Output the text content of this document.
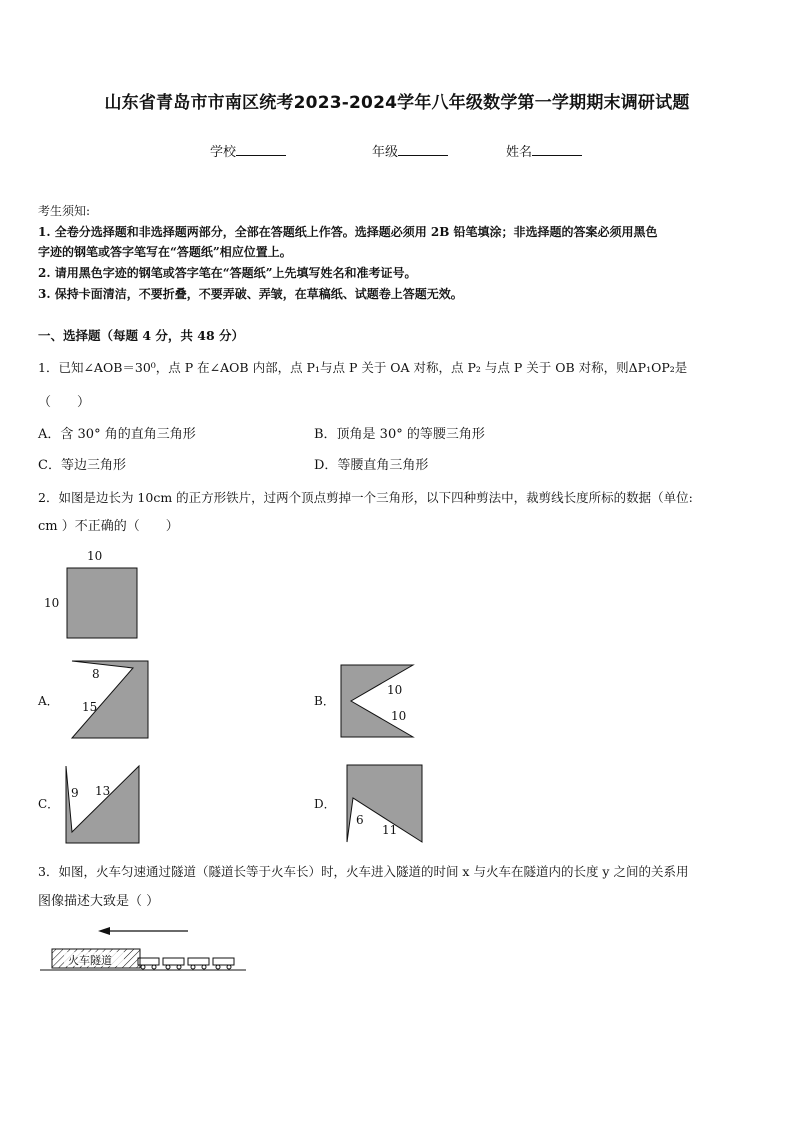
山东省青岛市市南区统考2023-2024学年八年级数学第一学期期末调研试题
学校	年级	姓名
考生须知:
1. 全卷分选择题和非选择题两部分，全部在答题纸上作答。选择题必须用 2B 铅笔填涂；非选择题的答案必须用黑色
字迹的钢笔或答字笔写在“答题纸”相应位置上。
2. 请用黑色字迹的钢笔或答字笔在“答题纸”上先填写姓名和准考证号。
3. 保持卡面清洁，不要折叠，不要弄破、弄皱，在草稿纸、试题卷上答题无效。
一、选择题（每题 4 分，共 48 分）
1．已知∠AOB＝30⁰，点 P 在∠AOB 内部，点 P₁与点 P 关于 OA 对称，点 P₂ 与点 P 关于 OB 对称，则ΔP₁OP₂是
（　　）
A．含 30° 角的直角三角形	B．顶角是 30° 的等腰三角形
C．等边三角形	D．等腰直角三角形
2．如图是边长为 10cm 的正方形铁片，过两个顶点剪掉一个三角形，以下四种剪法中，裁剪线长度所标的数据（单位:
cm ）不正确的（　　）
10
10
A．
8
15	B．
10
10
C．
9 13
D．
6
11
3．如图，火车匀速通过隧道（隧道长等于火车长）时，火车进入隧道的时间 x 与火车在隧道内的长度 y 之间的关系用
图像描述大致是（ ）
火车隧道
